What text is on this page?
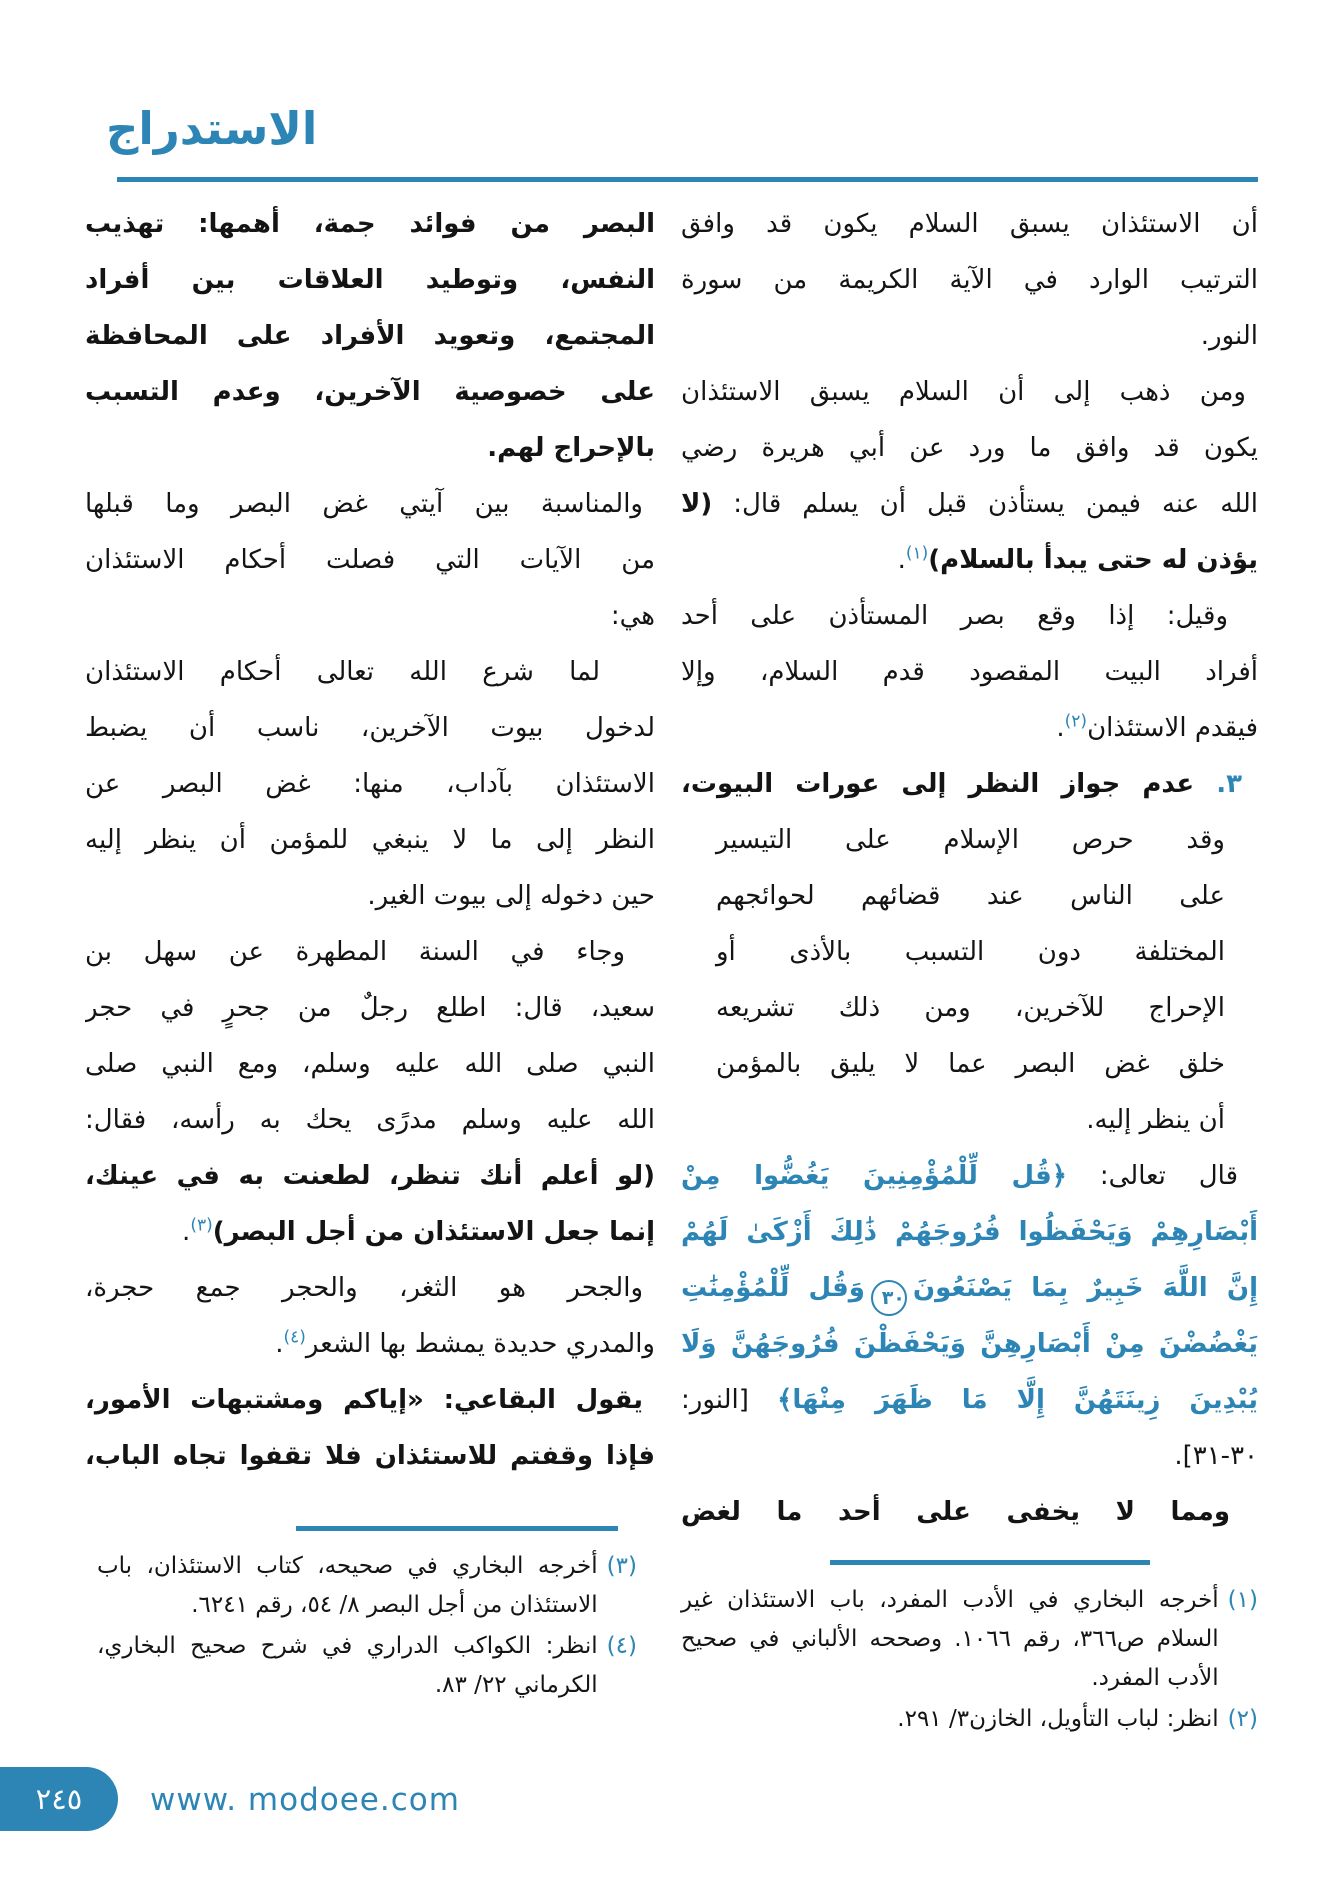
الاستدراج
أن الاستئذان يسبق السلام يكون قد وافق
الترتيب الوارد في الآية الكريمة من سورة
النور.
ومن ذهب إلى أن السلام يسبق الاستئذان
يكون قد وافق ما ورد عن أبي هريرة رضي
الله عنه فيمن يستأذن قبل أن يسلم قال: (لا
يؤذن له حتى يبدأ بالسلام)$^{(١)}$.
وقيل: إذا وقع بصر المستأذن على أحد
أفراد البيت المقصود قدم السلام، وإلا
فيقدم الاستئذان$^{(٢)}$.
٣. عدم جواز النظر إلى عورات البيوت،
وقد حرص الإسلام على التيسير
على الناس عند قضائهم لحوائجهم
المختلفة دون التسبب بالأذى أو
الإحراج للآخرين، ومن ذلك تشريعه
خلق غض البصر عما لا يليق بالمؤمن
أن ينظر إليه.
قال تعالى: ﴿قُل لِّلْمُؤْمِنِينَ يَغُضُّوا مِنْ
أَبْصَارِهِمْ وَيَحْفَظُوا فُرُوجَهُمْ ذَٰلِكَ أَزْكَىٰ لَهُمْ
إِنَّ اللَّهَ خَبِيرٌ بِمَا يَصْنَعُونَ٣٠وَقُل لِّلْمُؤْمِنَٰتِ
يَغْضُضْنَ مِنْ أَبْصَارِهِنَّ وَيَحْفَظْنَ فُرُوجَهُنَّ وَلَا
يُبْدِينَ زِينَتَهُنَّ إِلَّا مَا ظَهَرَ مِنْهَا﴾ [النور:
٣٠-٣١].
ومما لا يخفى على أحد ما لغض
البصر من فوائد جمة، أهمها: تهذيب
النفس، وتوطيد العلاقات بين أفراد
المجتمع، وتعويد الأفراد على المحافظة
على خصوصية الآخرين، وعدم التسبب
بالإحراج لهم.
والمناسبة بين آيتي غض البصر وما قبلها
من الآيات التي فصلت أحكام الاستئذان
هي:
لما شرع الله تعالى أحكام الاستئذان
لدخول بيوت الآخرين، ناسب أن يضبط
الاستئذان بآداب، منها: غض البصر عن
النظر إلى ما لا ينبغي للمؤمن أن ينظر إليه
حين دخوله إلى بيوت الغير.
وجاء في السنة المطهرة عن سهل بن
سعيد، قال: اطلع رجلٌ من جحرٍ في حجر
النبي صلى الله عليه وسلم، ومع النبي صلى
الله عليه وسلم مدرًى يحك به رأسه، فقال:
(لو أعلم أنك تنظر، لطعنت به في عينك،
إنما جعل الاستئذان من أجل البصر)$^{(٣)}$.
والجحر هو الثغر، والحجر جمع حجرة،
والمدري حديدة يمشط بها الشعر$^{(٤)}$.
يقول البقاعي: «إياكم ومشتبهات الأمور،
فإذا وقفتم للاستئذان فلا تقفوا تجاه الباب،
(١)
أخرجه البخاري في الأدب المفرد، باب الاستئذان غير السلام ص٣٦٦، رقم ١٠٦٦. وصححه الألباني في صحيح الأدب المفرد.
(٢)
انظر: لباب التأويل، الخازن٣/ ٢٩١.
(٣)
أخرجه البخاري في صحيحه، كتاب الاستئذان، باب الاستئذان من أجل البصر ٨/ ٥٤، رقم ٦٢٤١.
(٤)
انظر: الكواكب الدراري في شرح صحيح البخاري، الكرماني ٢٢/ ٨٣.
٢٤٥ www. modoee.com
